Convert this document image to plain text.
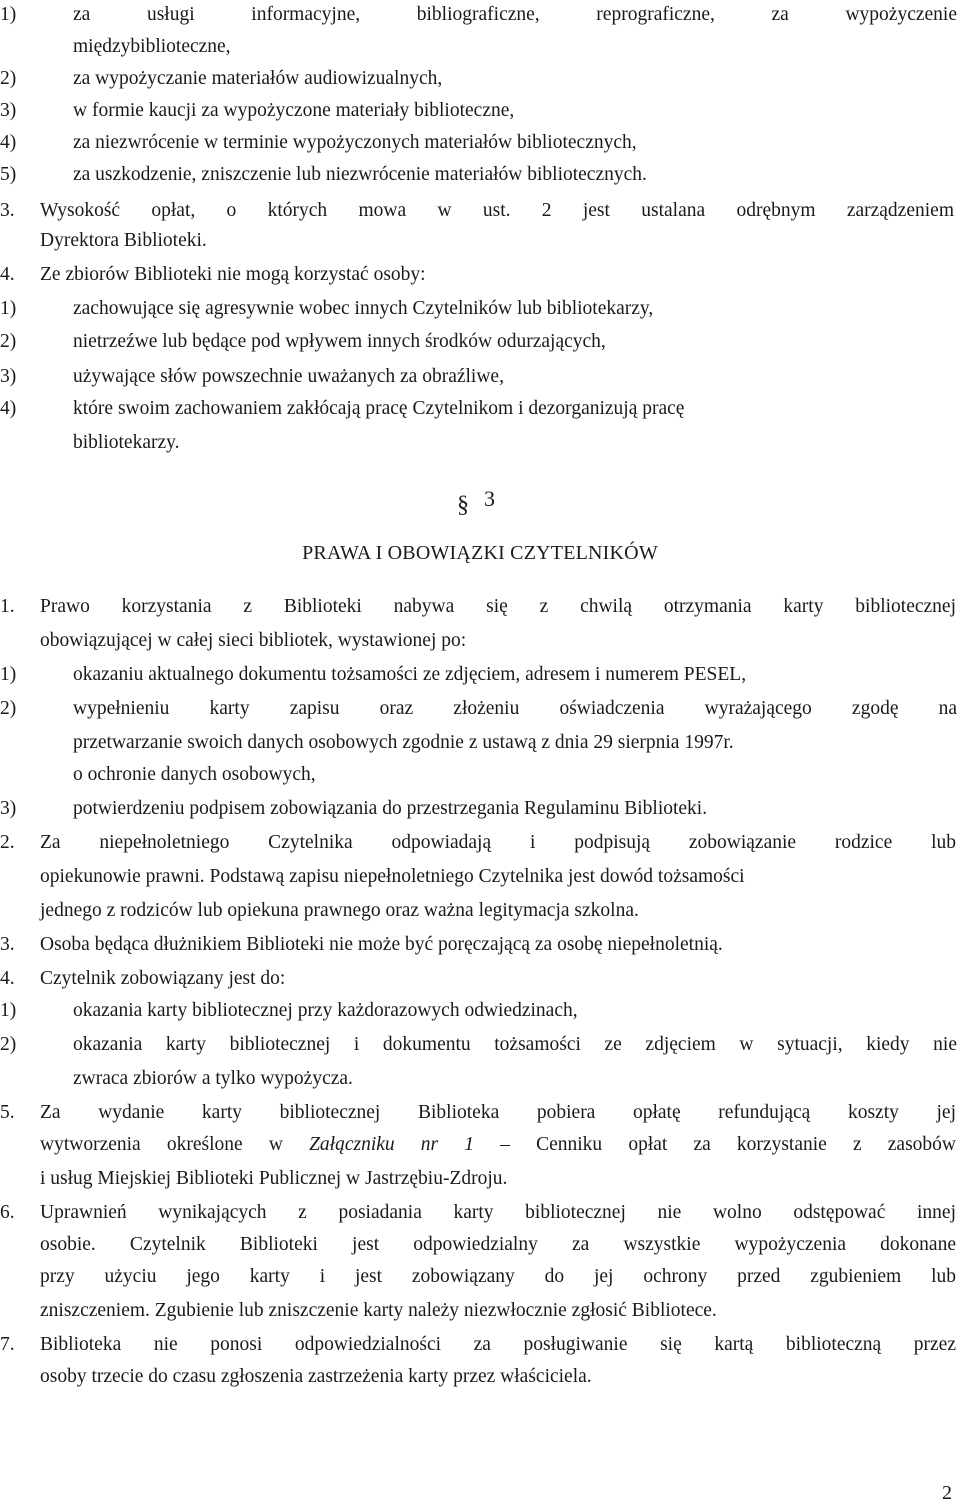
1)	za usługi informacyjne, bibliograficzne, reprograficzne, za wypożyczenie
międzybiblioteczne,
2)	za wypożyczanie materiałów audiowizualnych,
3)	w formie kaucji za wypożyczone materiały biblioteczne,
4)	za niezwrócenie w terminie wypożyczonych materiałów bibliotecznych,
5)	za uszkodzenie, zniszczenie lub niezwrócenie materiałów bibliotecznych.
3. Wysokość opłat, o których mowa w ust. 2 jest ustalana odrębnym zarządzeniem
Dyrektora Biblioteki.
4. Ze zbiorów Biblioteki nie mogą korzystać osoby:
1)	zachowujące się agresywnie wobec innych Czytelników lub bibliotekarzy,
2)	nietrzeźwe lub będące pod wpływem innych środków odurzających,
3)	używające słów powszechnie uważanych za obraźliwe,
4)	które swoim zachowaniem zakłócają pracę Czytelnikom i dezorganizują pracę
bibliotekarzy.
1. Prawo korzystania z Biblioteki nabywa się z chwilą otrzymania karty bibliotecznej
obowiązującej w całej sieci bibliotek, wystawionej po:
1)	okazaniu aktualnego dokumentu tożsamości ze zdjęciem, adresem i numerem PESEL,
2)	wypełnieniu karty zapisu oraz złożeniu oświadczenia wyrażającego zgodę na
przetwarzanie swoich danych osobowych zgodnie z ustawą z dnia 29 sierpnia 1997r.
o ochronie danych osobowych,
3)	potwierdzeniu podpisem zobowiązania do przestrzegania Regulaminu Biblioteki.
2. Za niepełnoletniego Czytelnika odpowiadają i podpisują zobowiązanie rodzice lub
opiekunowie prawni. Podstawą zapisu niepełnoletniego Czytelnika jest dowód tożsamości
jednego z rodziców lub opiekuna prawnego oraz ważna legitymacja szkolna.
3. Osoba będąca dłużnikiem Biblioteki nie może być poręczającą za osobę niepełnoletnią.
4. Czytelnik zobowiązany jest do:
1)	okazania karty bibliotecznej przy każdorazowych odwiedzinach,
2)	okazania karty bibliotecznej i dokumentu tożsamości ze zdjęciem w sytuacji, kiedy nie
zwraca zbiorów a tylko wypożycza.
5. Za wydanie karty bibliotecznej Biblioteka pobiera opłatę refundującą koszty jej
wytworzenia określone w Załączniku nr 1 – Cenniku opłat za korzystanie z zasobów
i usług Miejskiej Biblioteki Publicznej w Jastrzębiu-Zdroju.
6. Uprawnień wynikających z posiadania karty bibliotecznej nie wolno odstępować innej
osobie. Czytelnik Biblioteki jest odpowiedzialny za wszystkie wypożyczenia dokonane
przy użyciu jego karty i jest zobowiązany do jej ochrony przed zgubieniem lub
zniszczeniem. Zgubienie lub zniszczenie karty należy niezwłocznie zgłosić Bibliotece.
7. Biblioteka nie ponosi odpowiedzialności za posługiwanie się kartą biblioteczną przez
osoby trzecie do czasu zgłoszenia zastrzeżenia karty przez właściciela.
§ 3
PRAWA I OBOWIĄZKI CZYTELNIKÓW
2
